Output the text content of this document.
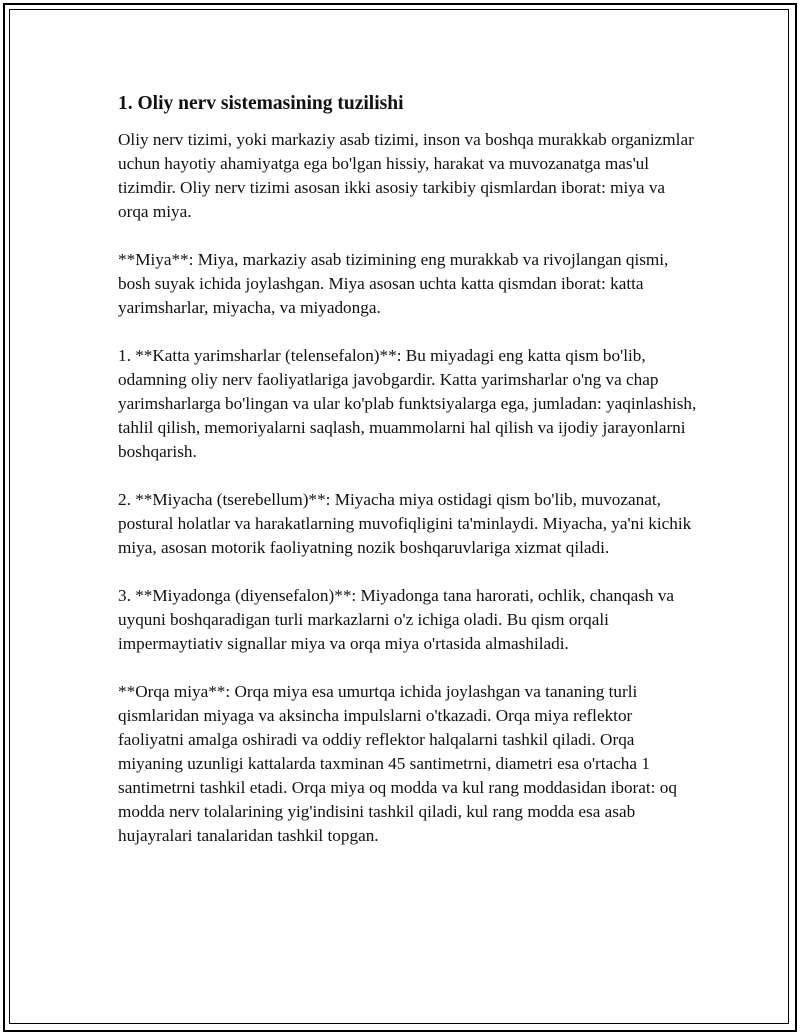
1. Oliy nerv sistemasining tuzilishi

Oliy nerv tizimi, yoki markaziy asab tizimi, inson va boshqa murakkab organizmlar uchun hayotiy ahamiyatga ega bo'lgan hissiy, harakat va muvozanatga mas'ul tizimdir. Oliy nerv tizimi asosan ikki asosiy tarkibiy qismlardan iborat: miya va orqa miya.

**Miya**: Miya, markaziy asab tizimining eng murakkab va rivojlangan qismi, bosh suyak ichida joylashgan. Miya asosan uchta katta qismdan iborat: katta yarimsharlar, miyacha, va miyadonga.

1. **Katta yarimsharlar (telensefalon)**: Bu miyadagi eng katta qism bo'lib, odamning oliy nerv faoliyatlariga javobgardir. Katta yarimsharlar o'ng va chap yarimsharlarga bo'lingan va ular ko'plab funktsiyalarga ega, jumladan: yaqinlashish, tahlil qilish, memoriyalarni saqlash, muammolarni hal qilish va ijodiy jarayonlarni boshqarish.

2. **Miyacha (tserebellum)**: Miyacha miya ostidagi qism bo'lib, muvozanat, postural holatlar va harakatlarning muvofiqligini ta'minlaydi. Miyacha, ya'ni kichik miya, asosan motorik faoliyatning nozik boshqaruvlariga xizmat qiladi.

3. **Miyadonga (diyensefalon)**: Miyadonga tana harorati, ochlik, chanqash va uyquni boshqaradigan turli markazlarni o'z ichiga oladi. Bu qism orqali impermaytiativ signallar miya va orqa miya o'rtasida almashiladi.

**Orqa miya**: Orqa miya esa umurtqa ichida joylashgan va tananing turli qismlaridan miyaga va aksincha impulslarni o'tkazadi. Orqa miya reflektor faoliyatni amalga oshiradi va oddiy reflektor halqalarni tashkil qiladi. Orqa miyaning uzunligi kattalarda taxminan 45 santimetrni, diametri esa o'rtacha 1 santimetrni tashkil etadi. Orqa miya oq modda va kul rang moddasidan iborat: oq modda nerv tolalarining yig'indisini tashkil qiladi, kul rang modda esa asab hujayralari tanalaridan tashkil topgan.
